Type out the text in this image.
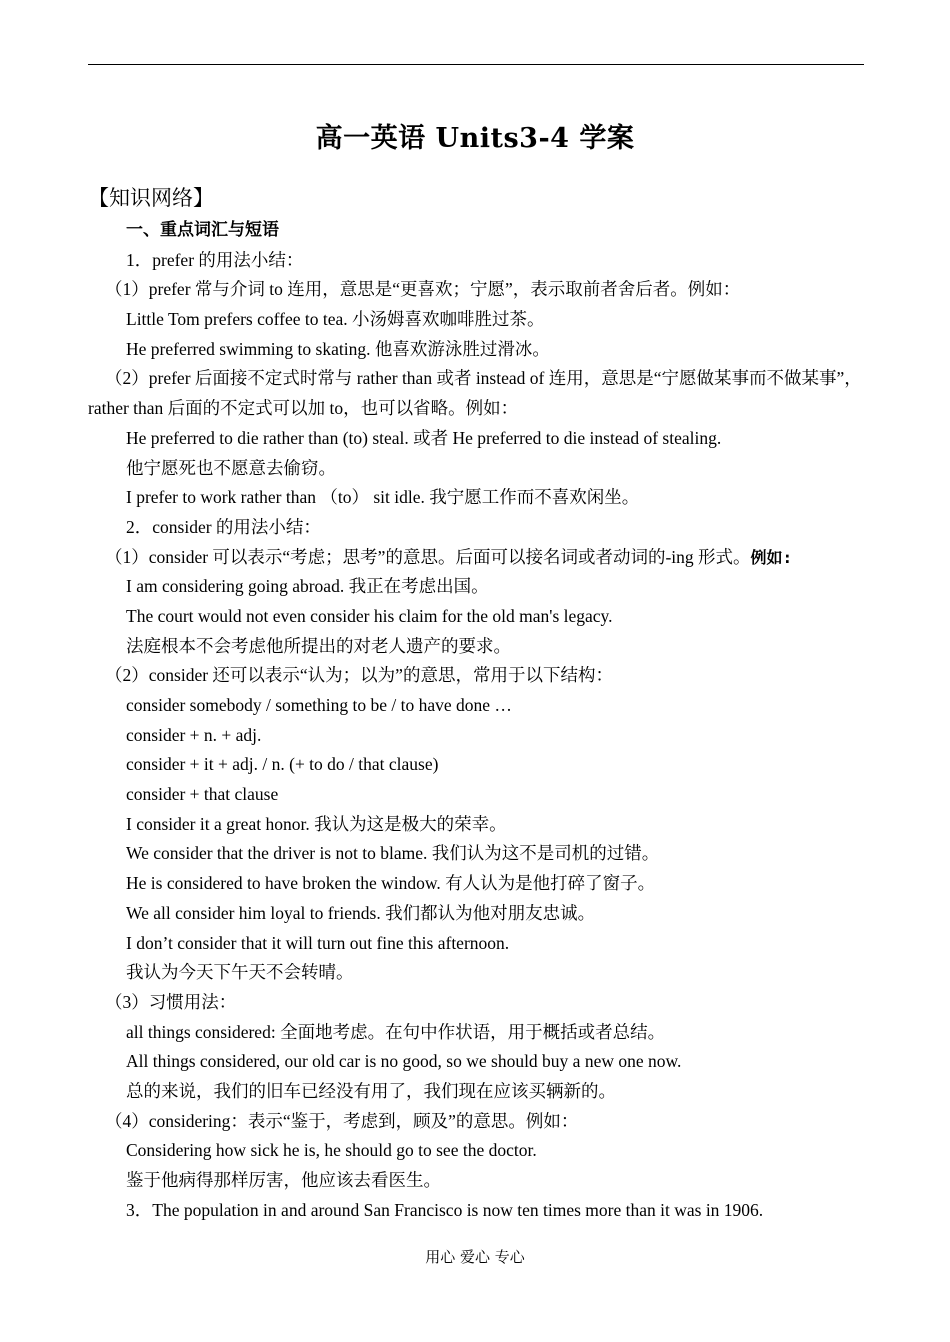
高一英语 Units3-4 学案
【知识网络】
一、重点词汇与短语
1．prefer 的用法小结：
（1）prefer 常与介词 to 连用，意思是“更喜欢；宁愿”，表示取前者舍后者。例如：
Little Tom prefers coffee to tea. 小汤姆喜欢咖啡胜过茶。
He preferred swimming to skating. 他喜欢游泳胜过滑冰。
（2）prefer 后面接不定式时常与 rather than 或者 instead of 连用，意思是“宁愿做某事而不做某事”，rather than 后面的不定式可以加 to，也可以省略。例如：
He preferred to die rather than (to) steal. 或者 He preferred to die instead of stealing.
他宁愿死也不愿意去偷窃。
I prefer to work rather than （to） sit idle. 我宁愿工作而不喜欢闲坐。
2．consider 的用法小结：
（1）consider 可以表示“考虑；思考”的意思。后面可以接名词或者动词的-ing 形式。例如:
I am considering going abroad. 我正在考虑出国。
The court would not even consider his claim for the old man's legacy.
法庭根本不会考虑他所提出的对老人遗产的要求。
（2）consider 还可以表示“认为；以为”的意思，常用于以下结构：
consider somebody / something to be / to have done …
consider + n. + adj.
consider + it + adj. / n. (+ to do / that clause)
consider + that clause
I consider it a great honor. 我认为这是极大的荣幸。
We consider that the driver is not to blame. 我们认为这不是司机的过错。
He is considered to have broken the window. 有人认为是他打碎了窗子。
We all consider him loyal to friends. 我们都认为他对朋友忠诚。
I don’t consider that it will turn out fine this afternoon.
我认为今天下午天不会转晴。
（3）习惯用法：
all things considered: 全面地考虑。在句中作状语，用于概括或者总结。
All things considered, our old car is no good, so we should buy a new one now.
总的来说，我们的旧车已经没有用了，我们现在应该买辆新的。
（4）considering：表示“鉴于，考虑到，顾及”的意思。例如：
Considering how sick he is, he should go to see the doctor.
鉴于他病得那样厉害，他应该去看医生。
3．The population in and around San Francisco is now ten times more than it was in 1906.
用心 爱心 专心
